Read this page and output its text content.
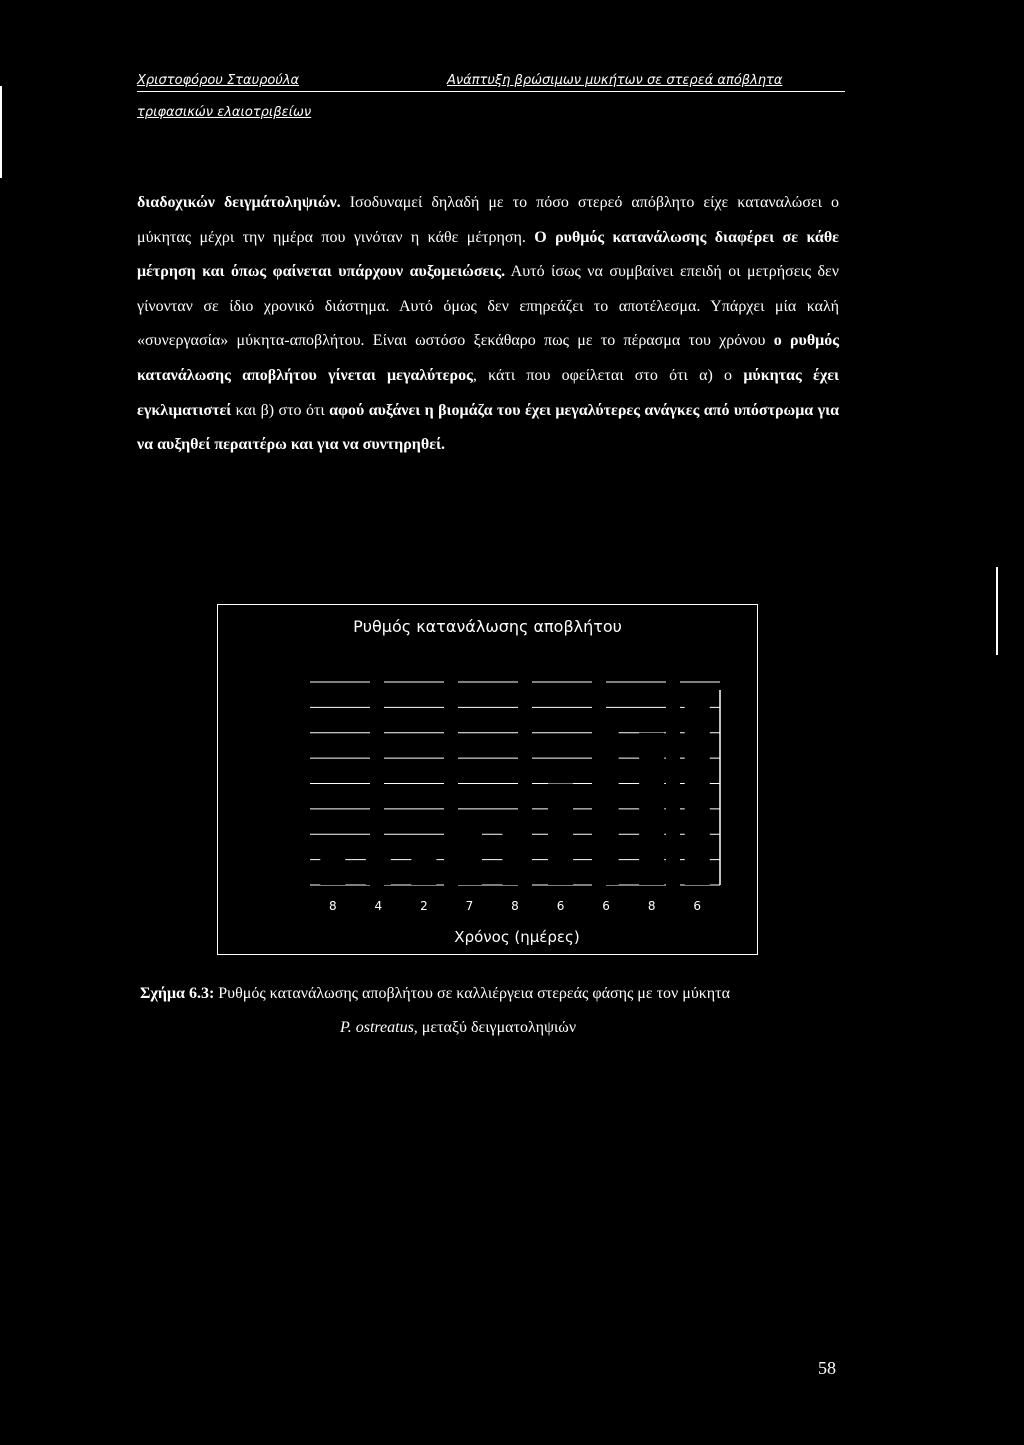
Χριστοφόρου Σταυρούλα	Ανάπτυξη βρώσιμων μυκήτων σε στερεά απόβλητα
τριφασικών ελαιοτριβείων
διαδοχικών δειγμάτοληψιών. Ισοδυναμεί δηλαδή με το πόσο στερεό απόβλητο είχε καταναλώσει ο μύκητας μέχρι την ημέρα που γινόταν η κάθε μέτρηση. Ο ρυθμός κατανάλωσης διαφέρει σε κάθε μέτρηση και όπως φαίνεται υπάρχουν αυξομειώσεις. Αυτό ίσως να συμβαίνει επειδή οι μετρήσεις δεν γίνονταν σε ίδιο χρονικό διάστημα. Αυτό όμως δεν επηρεάζει το αποτέλεσμα. Υπάρχει μία καλή «συνεργασία» μύκητα-αποβλήτου. Είναι ωστόσο ξεκάθαρο πως με το πέρασμα του χρόνου ο ρυθμός κατανάλωσης αποβλήτου γίνεται μεγαλύτερος, κάτι που οφείλεται στο ότι α) ο μύκητας έχει εγκλιματιστεί και β) στο ότι αφού αυξάνει η βιομάζα του έχει μεγαλύτερες ανάγκες από υπόστρωμα για να αυξηθεί περαιτέρω και για να συντηρηθεί.
Ρυθμός κατανάλωσης αποβλήτου
8	4	2	7	8	6	6	8	6
Χρόνος (ημέρες)
Σχήμα 6.3: Ρυθμός κατανάλωσης αποβλήτου σε καλλιέργεια στερεάς φάσης με τον μύκητα
P. ostreatus, μεταξύ δειγματοληψιών
58
